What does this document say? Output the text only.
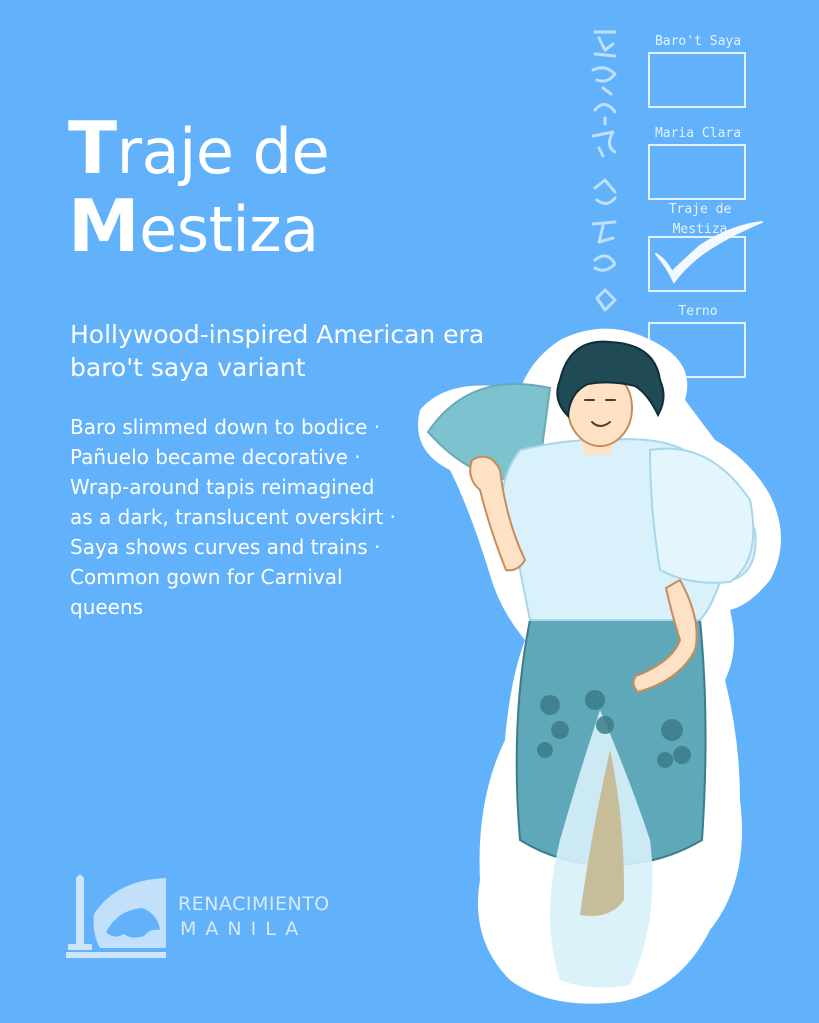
Traje de
Mestiza
Hollywood-inspired American era baro't saya variant
Baro slimmed down to bodice · Pañuelo became decorative · Wrap-around tapis reimagined as a dark, translucent overskirt · Saya shows curves and trains · Common gown for Carnival queens
Baro't Saya
Maria Clara
Traje de Mestiza
Terno
RENACIMIENTO
MANILA
